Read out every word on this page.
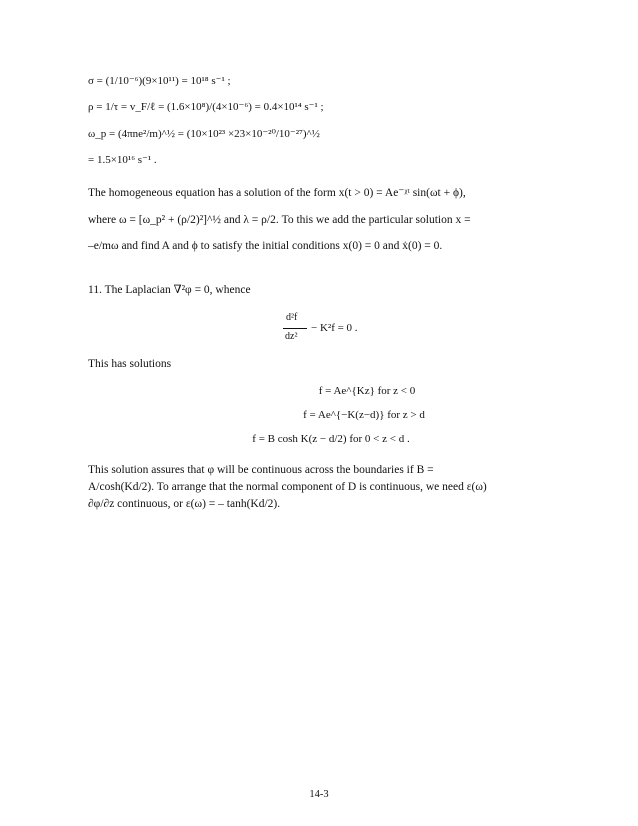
σ = (1/10⁻⁶)(9×10¹¹) = 10¹⁸ s⁻¹ ;
ρ = 1/τ = v_F/ℓ = (1.6×10⁸)/(4×10⁻⁶) = 0.4×10¹⁴ s⁻¹ ;
ω_p = (4πne²/m)^½ = (10×10²³ ×23×10⁻²⁰/10⁻²⁷)^½
= 1.5×10¹⁶ s⁻¹ .
The homogeneous equation has a solution of the form x(t > 0) = Ae⁻ᵡᵗ sin(ωt + ϕ),
where ω = [ω_p² + (ρ/2)²]^½ and λ = ρ/2. To this we add the particular solution x =
–e/mω and find A and ϕ to satisfy the initial conditions x(0) = 0 and ẋ(0) = 0.
11. The Laplacian ∇²φ = 0, whence
d²f
dz²
− K²f = 0 .
This has solutions
f = Ae^{Kz} for z < 0
f = Ae^{−K(z−d)} for z > d
f = B cosh K(z − d/2) for 0 < z < d .
This solution assures that φ will be continuous across the boundaries if B =
A/cosh(Kd/2). To arrange that the normal component of D is continuous, we need ε(ω)
∂φ/∂z continuous, or ε(ω) = – tanh(Kd/2).
14-3
